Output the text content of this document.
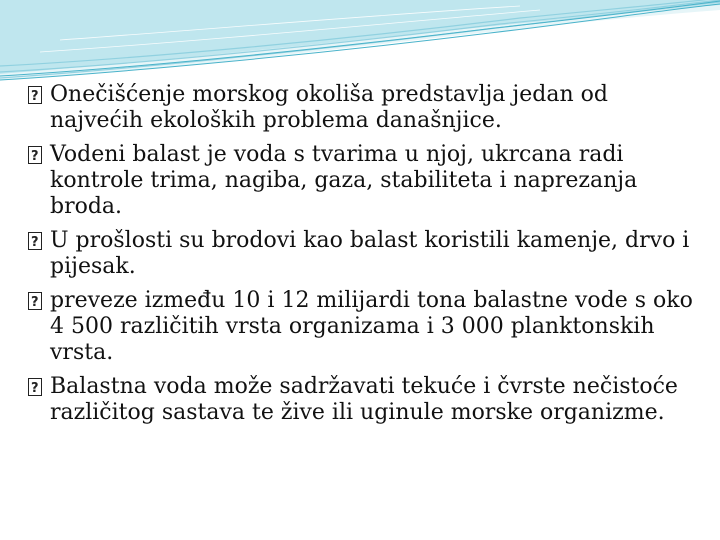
?
Onečišćenje morskog okoliša predstavlja jedan od najvećih ekoloških problema današnjice.
?
Vodeni balast je voda s tvarima u njoj, ukrcana radi kontrole trima, nagiba, gaza, stabiliteta i naprezanja broda.
?
U prošlosti su brodovi kao balast koristili kamenje, drvo i pijesak.
?
preveze između 10 i 12 milijardi tona balastne vode s oko 4 500 različitih vrsta organizama i 3 000 planktonskih vrsta.
?
Balastna voda može sadržavati tekuće i čvrste nečistoće različitog sastava te žive ili uginule morske organizme.
